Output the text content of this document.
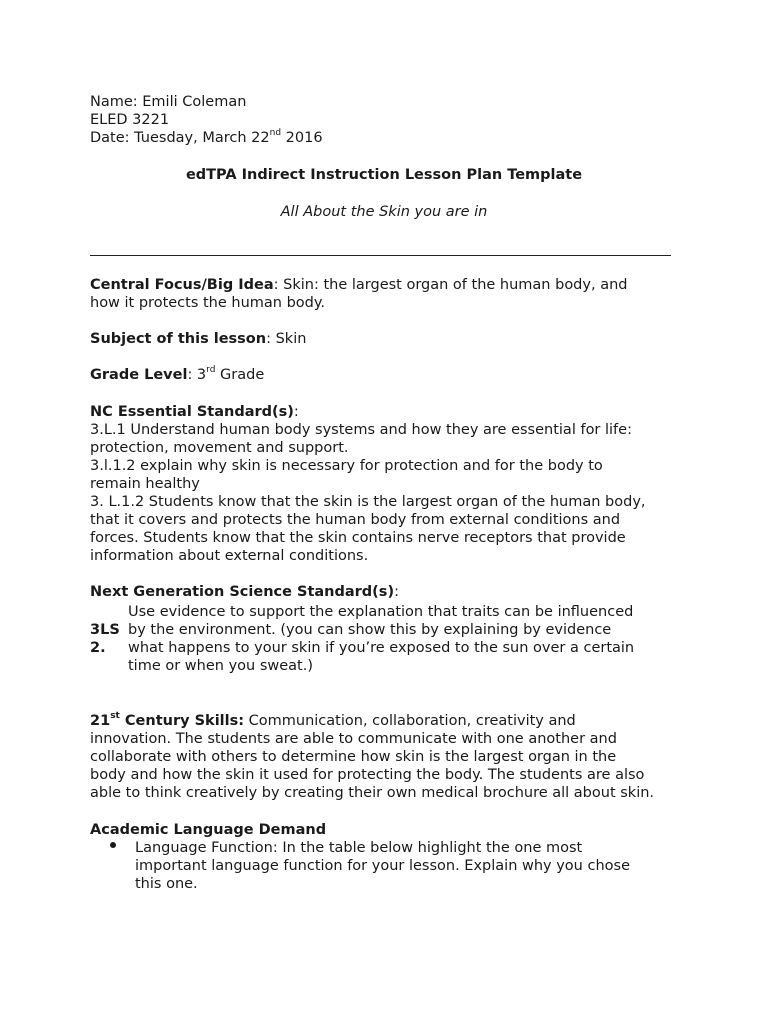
Name: Emili Coleman
ELED 3221
Date: Tuesday, March 22nd 2016
edTPA Indirect Instruction Lesson Plan Template
All About the Skin you are in
Central Focus/Big Idea: Skin: the largest organ of the human body, and
how it protects the human body.
Subject of this lesson: Skin
Grade Level: 3rd Grade
NC Essential Standard(s):
3.L.1 Understand human body systems and how they are essential for life:
protection, movement and support.
3.l.1.2 explain why skin is necessary for protection and for the body to
remain healthy
3. L.1.2 Students know that the skin is the largest organ of the human body,
that it covers and protects the human body from external conditions and
forces. Students know that the skin contains nerve receptors that provide
information about external conditions.
Next Generation Science Standard(s):
3LS
2.
Use evidence to support the explanation that traits can be influenced
by the environment. (you can show this by explaining by evidence
what happens to your skin if you’re exposed to the sun over a certain
time or when you sweat.)
21st Century Skills: Communication, collaboration, creativity and
innovation. The students are able to communicate with one another and
collaborate with others to determine how skin is the largest organ in the
body and how the skin it used for protecting the body. The students are also
able to think creatively by creating their own medical brochure all about skin.
Academic Language Demand
Language Function: In the table below highlight the one most
important language function for your lesson. Explain why you chose
this one.
